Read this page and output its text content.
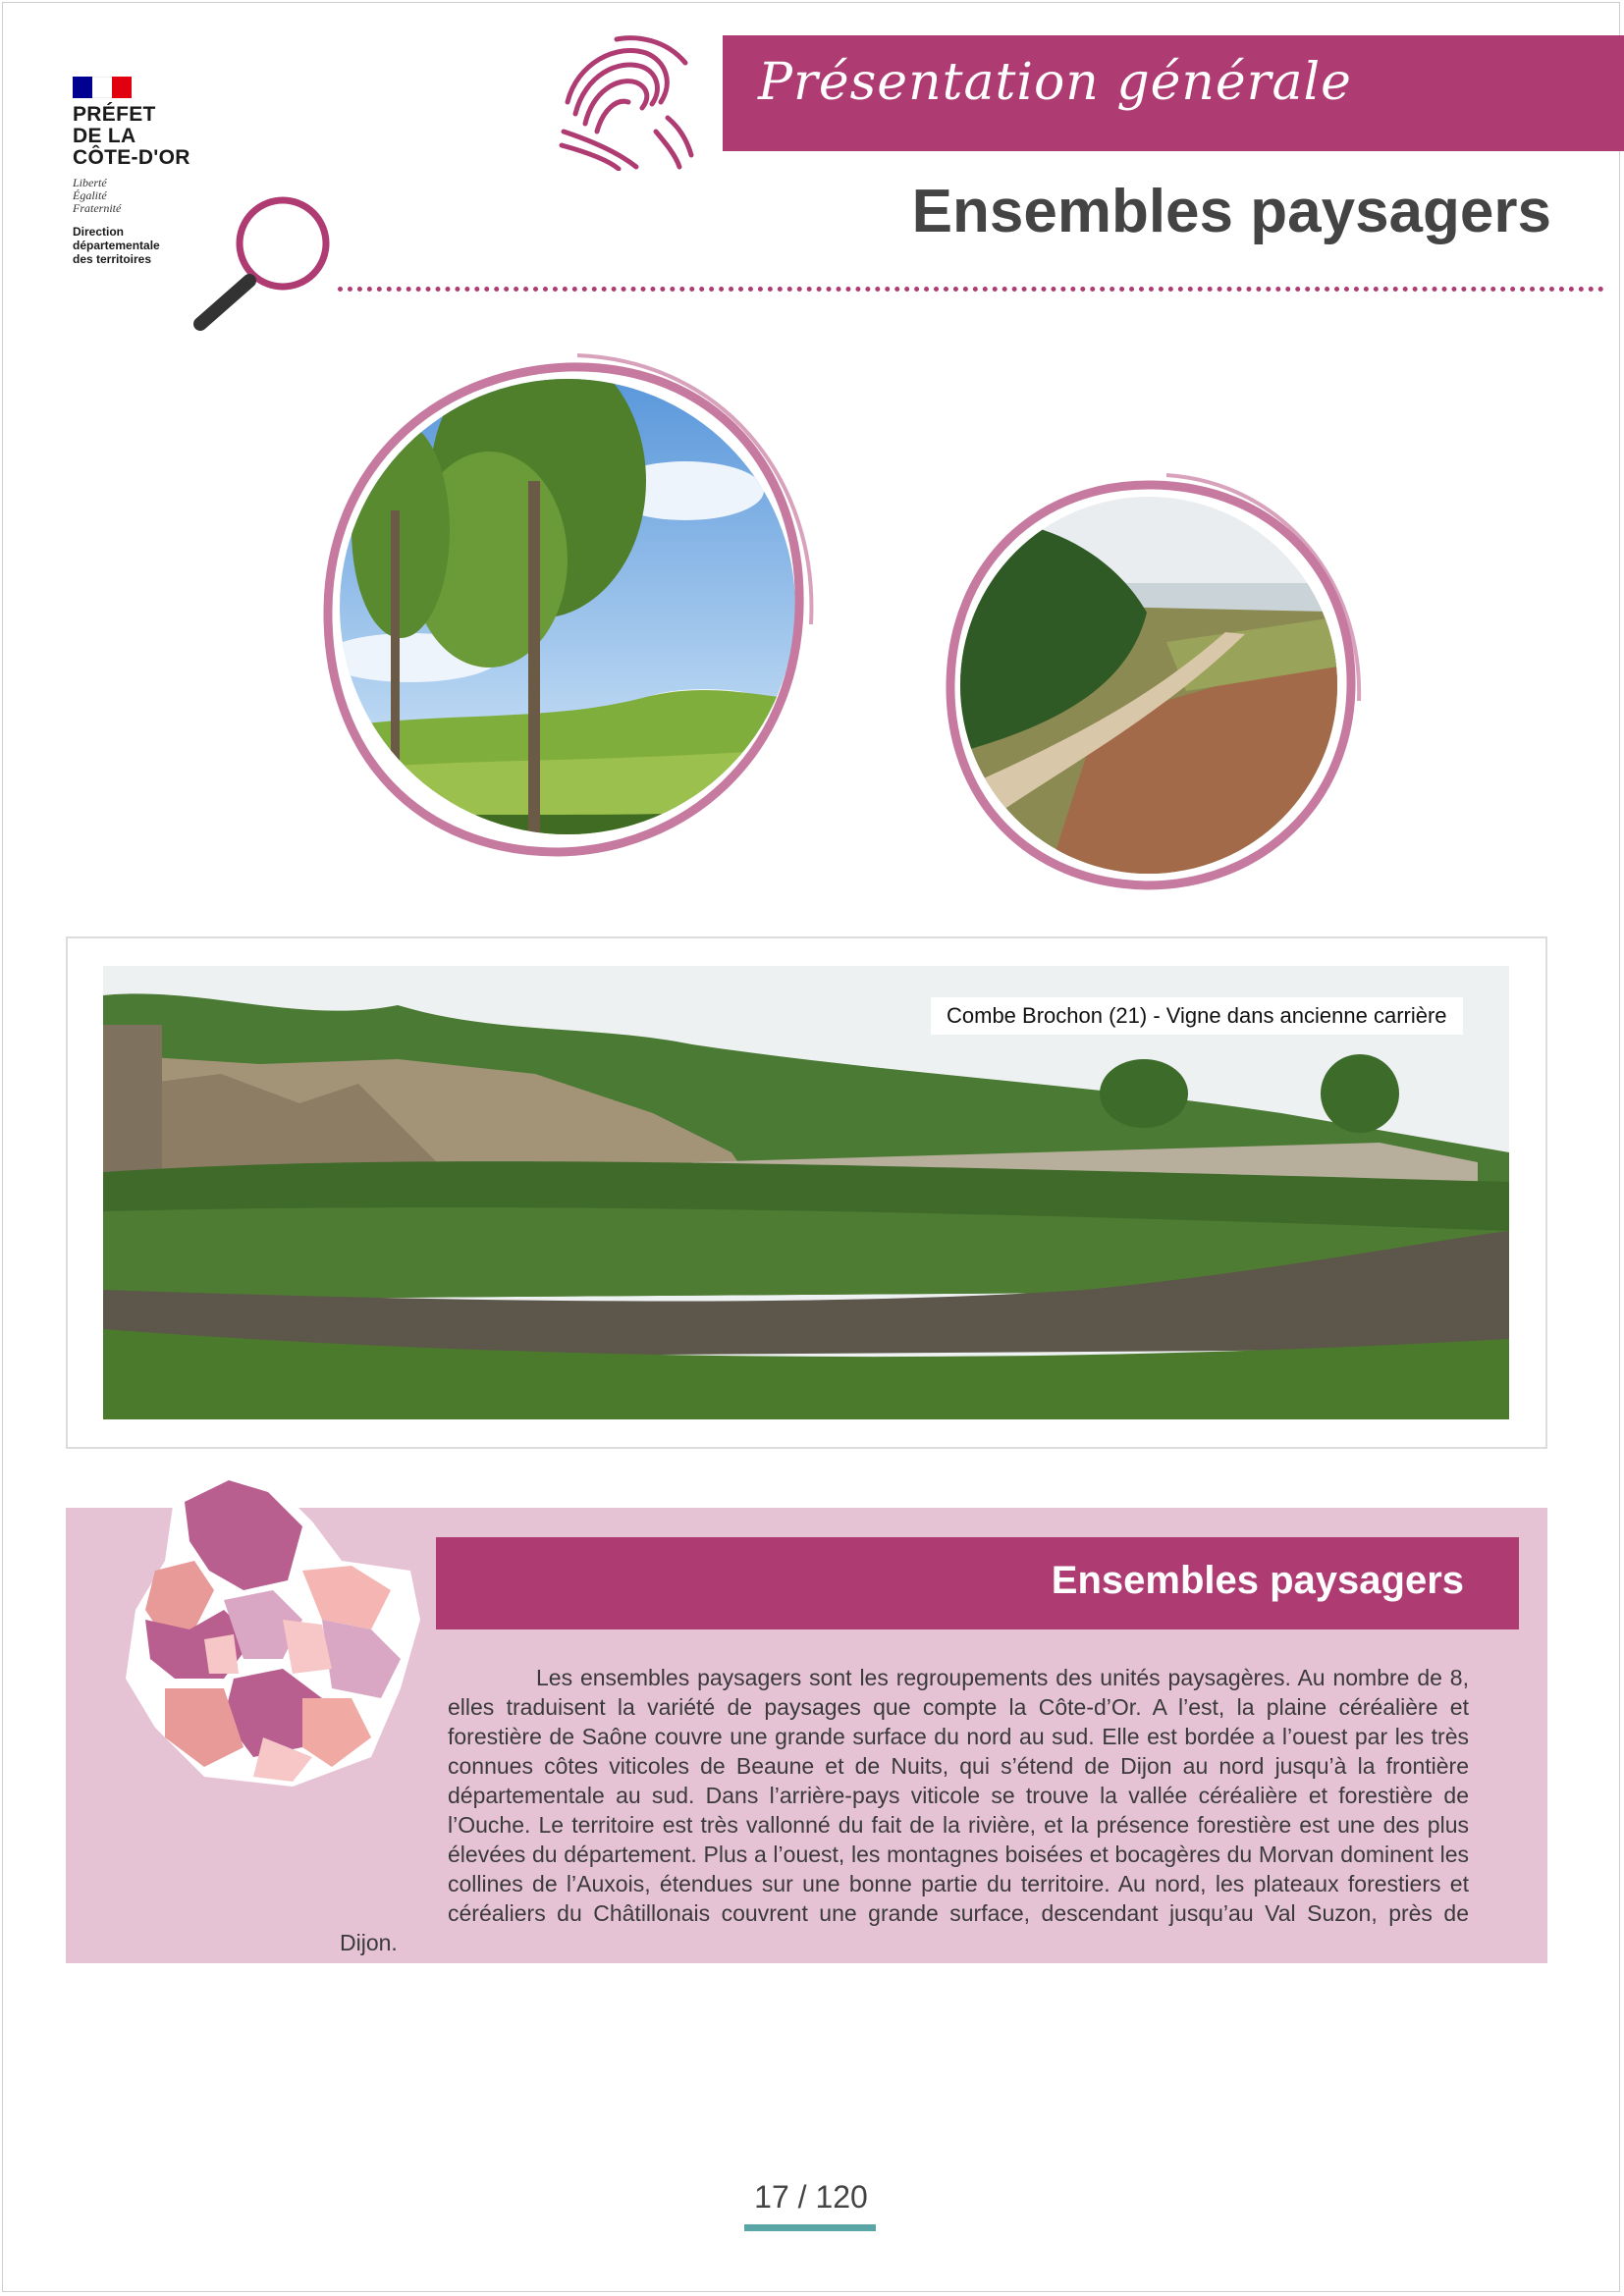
PRÉFET
DE LA
CÔTE-D'OR
Liberté
Égalité
Fraternité
Direction
départementale
des territoires
Présentation générale
Ensembles paysagers
Combe Brochon (21) - Vigne dans ancienne carrière
Ensembles paysagers
Les ensembles paysagers sont les regroupements des unités paysagères. Au nombre de 8, elles traduisent la variété de paysages que compte la Côte-d’Or. A l’est, la plaine céréalière et forestière de Saône couvre une grande surface du nord au sud. Elle est bordée a l’ouest par les très connues côtes viticoles de Beaune et de Nuits, qui s’étend de Dijon au nord jusqu’à la frontière départementale au sud. Dans l’arrière-pays viticole se trouve la vallée céréalière et forestière de l’Ouche. Le territoire est très vallonné du fait de la rivière, et la présence forestière est une des plus élevées du département. Plus a l’ouest, les montagnes boisées et bocagères du Morvan dominent les collines de l’Auxois, étendues sur une bonne partie du territoire. Au nord, les plateaux forestiers et céréaliers du Châtillonais couvrent une grande surface, descendant jusqu’au Val Suzon, près de Dijon.
17 / 120
